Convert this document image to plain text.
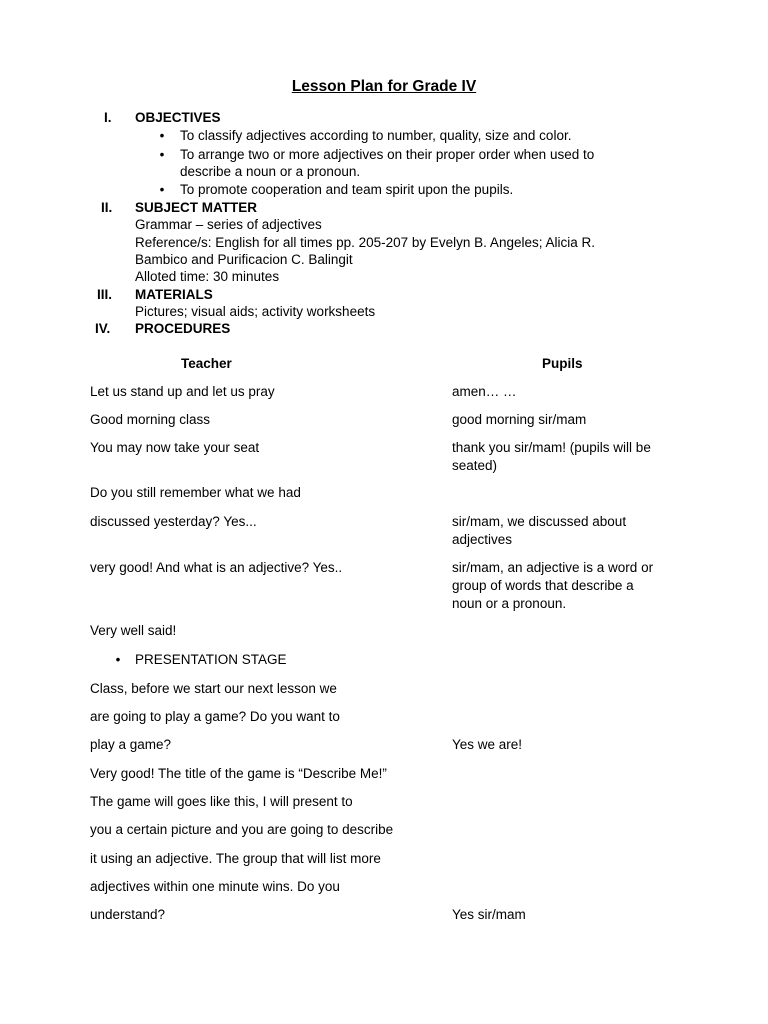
Lesson Plan for Grade IV
I. OBJECTIVES
• To classify adjectives according to number, quality, size and color.
• To arrange two or more adjectives on their proper order when used to
describe a noun or a pronoun.
• To promote cooperation and team spirit upon the pupils.
II. SUBJECT MATTER
Grammar – series of adjectives
Reference/s: English for all times pp. 205-207 by Evelyn B. Angeles; Alicia R.
Bambico and Purificacion C. Balingit
Alloted time: 30 minutes
III. MATERIALS
Pictures; visual aids; activity worksheets
IV. PROCEDURES
Teacher	Pupils
Let us stand up and let us pray
Good morning class
You may now take your seat
Do you still remember what we had
discussed yesterday? Yes...
very good! And what is an adjective? Yes..
Very well said!
• PRESENTATION STAGE
Class, before we start our next lesson we
are going to play a game? Do you want to
play a game?
Very good! The title of the game is “Describe Me!”
The game will goes like this, I will present to
you a certain picture and you are going to describe
it using an adjective. The group that will list more
adjectives within one minute wins. Do you
understand?
amen… …
good morning sir/mam
thank you sir/mam! (pupils will be
seated)
sir/mam, we discussed about
adjectives
sir/mam, an adjective is a word or
group of words that describe a
noun or a pronoun.
Yes we are!
Yes sir/mam
